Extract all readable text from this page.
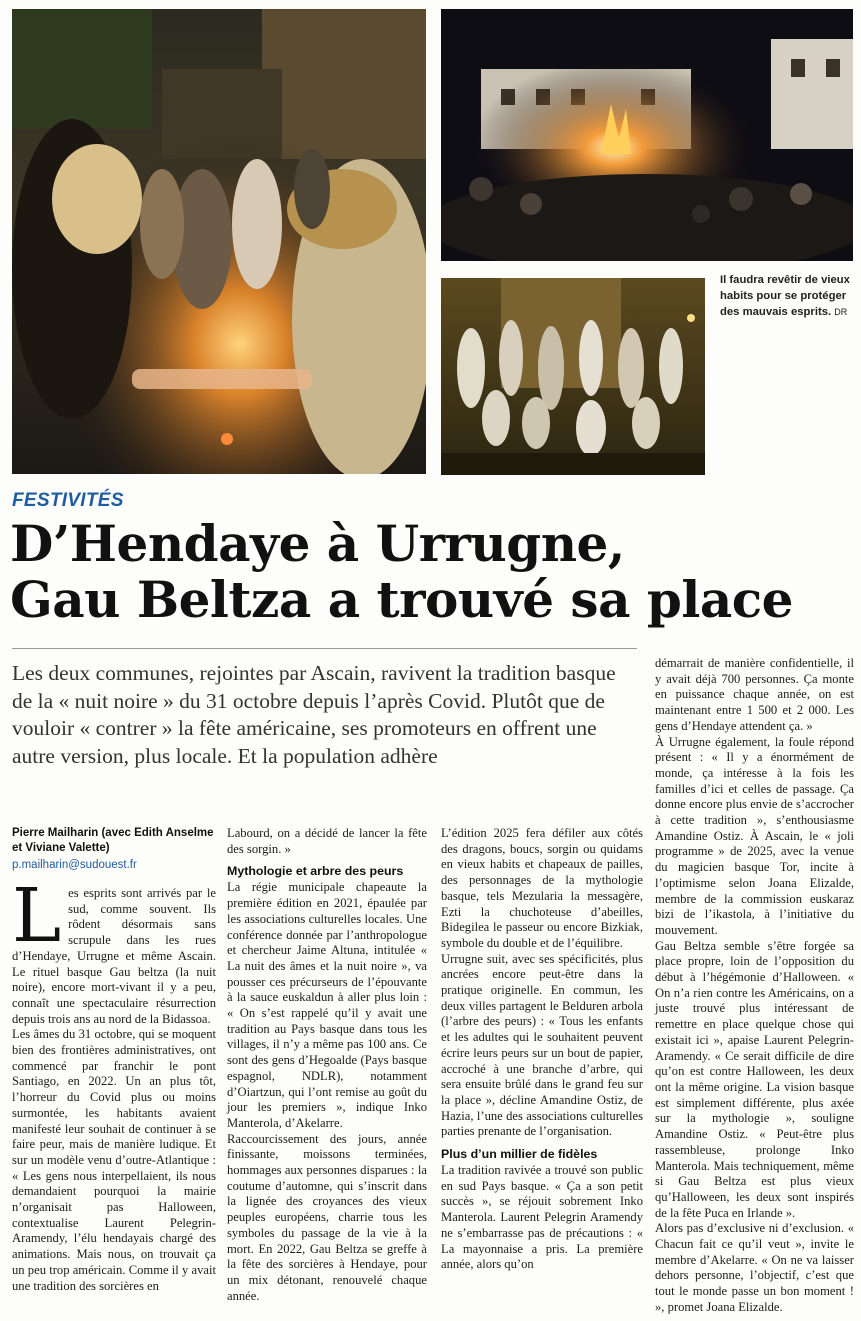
Il faudra revêtir de vieux habits pour se protéger des mauvais esprits. DR
FESTIVITÉS
D’Hendaye à Urrugne,
Gau Beltza a trouvé sa place

Les deux communes, rejointes par Ascain, ravivent la tradition basque de la « nuit noire » du 31 octobre depuis l’après Covid. Plutôt que de vouloir « contrer » la fête américaine, ses promoteurs en offrent une autre version, plus locale. Et la population adhère

Pierre Mailharin (avec Edith Anselme et Viviane Valette)
p.mailharin@sudouest.fr

Les esprits sont arrivés par le sud, comme souvent. Ils rôdent désormais sans scrupule dans les rues d’Hendaye, Urrugne et même Ascain. Le rituel basque Gau beltza (la nuit noire), encore mort-vivant il y a peu, connaît une spectaculaire résurrection depuis trois ans au nord de la Bidassoa.

Les âmes du 31 octobre, qui se moquent bien des frontières administratives, ont commencé par franchir le pont Santiago, en 2022. Un an plus tôt, l’horreur du Covid plus ou moins surmontée, les habitants avaient manifesté leur souhait de continuer à se faire peur, mais de manière ludique. Et sur un modèle venu d’outre-Atlantique : « Les gens nous interpellaient, ils nous demandaient pourquoi la mairie n’organisait pas Halloween, contextualise Laurent Pelegrin-Aramendy, l’élu hendayais chargé des animations. Mais nous, on trouvait ça un peu trop américain. Comme il y avait une tradition des sorcières en

Labourd, on a décidé de lancer la fête des sorgin. »

Mythologie et arbre des peurs

La régie municipale chapeaute la première édition en 2021, épaulée par les associations culturelles locales. Une conférence donnée par l’anthropologue et chercheur Jaime Altuna, intitulée « La nuit des âmes et la nuit noire », va pousser ces précurseurs de l’épouvante à la sauce euskaldun à aller plus loin : « On s’est rappelé qu’il y avait une tradition au Pays basque dans tous les villages, il n’y a même pas 100 ans. Ce sont des gens d’Hegoalde (Pays basque espagnol, NDLR), notamment d’Oiartzun, qui l’ont remise au goût du jour les premiers », indique Inko Manterola, d’Akelarre.

Raccourcissement des jours, année finissante, moissons terminées, hommages aux personnes disparues : la coutume d’automne, qui s’inscrit dans la lignée des croyances des vieux peuples européens, charrie tous les symboles du passage de la vie à la mort. En 2022, Gau Beltza se greffe à la fête des sorcières à Hendaye, pour un mix détonant, renouvelé chaque année.

L’édition 2025 fera défiler aux côtés des dragons, boucs, sorgin ou quidams en vieux habits et chapeaux de pailles, des personnages de la mythologie basque, tels Mezularia la messagère, Ezti la chuchoteuse d’abeilles, Bidegilea le passeur ou encore Bizkiak, symbole du double et de l’équilibre.

Urrugne suit, avec ses spécificités, plus ancrées encore peut-être dans la pratique originelle. En commun, les deux villes partagent le Belduren arbola (l’arbre des peurs) : « Tous les enfants et les adultes qui le souhaitent peuvent écrire leurs peurs sur un bout de papier, accroché à une branche d’arbre, qui sera ensuite brûlé dans le grand feu sur la place », décline Amandine Ostiz, de Hazia, l’une des associations culturelles parties prenante de l’organisation.

Plus d’un millier de fidèles

La tradition ravivée a trouvé son public en sud Pays basque. « Ça a son petit succès », se réjouit sobrement Inko Manterola. Laurent Pelegrin Aramendy ne s’embarrasse pas de précautions : « La mayonnaise a pris. La première année, alors qu’on

démarrait de manière confidentielle, il y avait déjà 700 personnes. Ça monte en puissance chaque année, on est maintenant entre 1 500 et 2 000. Les gens d’Hendaye attendent ça. »

À Urrugne également, la foule répond présent : « Il y a énormément de monde, ça intéresse à la fois les familles d’ici et celles de passage. Ça donne encore plus envie de s’accrocher à cette tradition », s’enthousiasme Amandine Ostiz. À Ascain, le « joli programme » de 2025, avec la venue du magicien basque Tor, incite à l’optimisme selon Joana Elizalde, membre de la commission euskaraz bizi de l’ikastola, à l’initiative du mouvement.

Gau Beltza semble s’être forgée sa place propre, loin de l’opposition du début à l’hégémonie d’Halloween. « On n’a rien contre les Américains, on a juste trouvé plus intéressant de remettre en place quelque chose qui existait ici », apaise Laurent Pelegrin-Aramendy. « Ce serait difficile de dire qu’on est contre Halloween, les deux ont la même origine. La vision basque est simplement différente, plus axée sur la mythologie », souligne Amandine Ostiz. « Peut-être plus rassembleuse, prolonge Inko Manterola. Mais techniquement, même si Gau Beltza est plus vieux qu’Halloween, les deux sont inspirés de la fête Puca en Irlande ».

Alors pas d’exclusive ni d’exclusion. « Chacun fait ce qu’il veut », invite le membre d’Akelarre. « On ne va laisser dehors personne, l’objectif, c’est que tout le monde passe un bon moment ! », promet Joana Elizalde.
